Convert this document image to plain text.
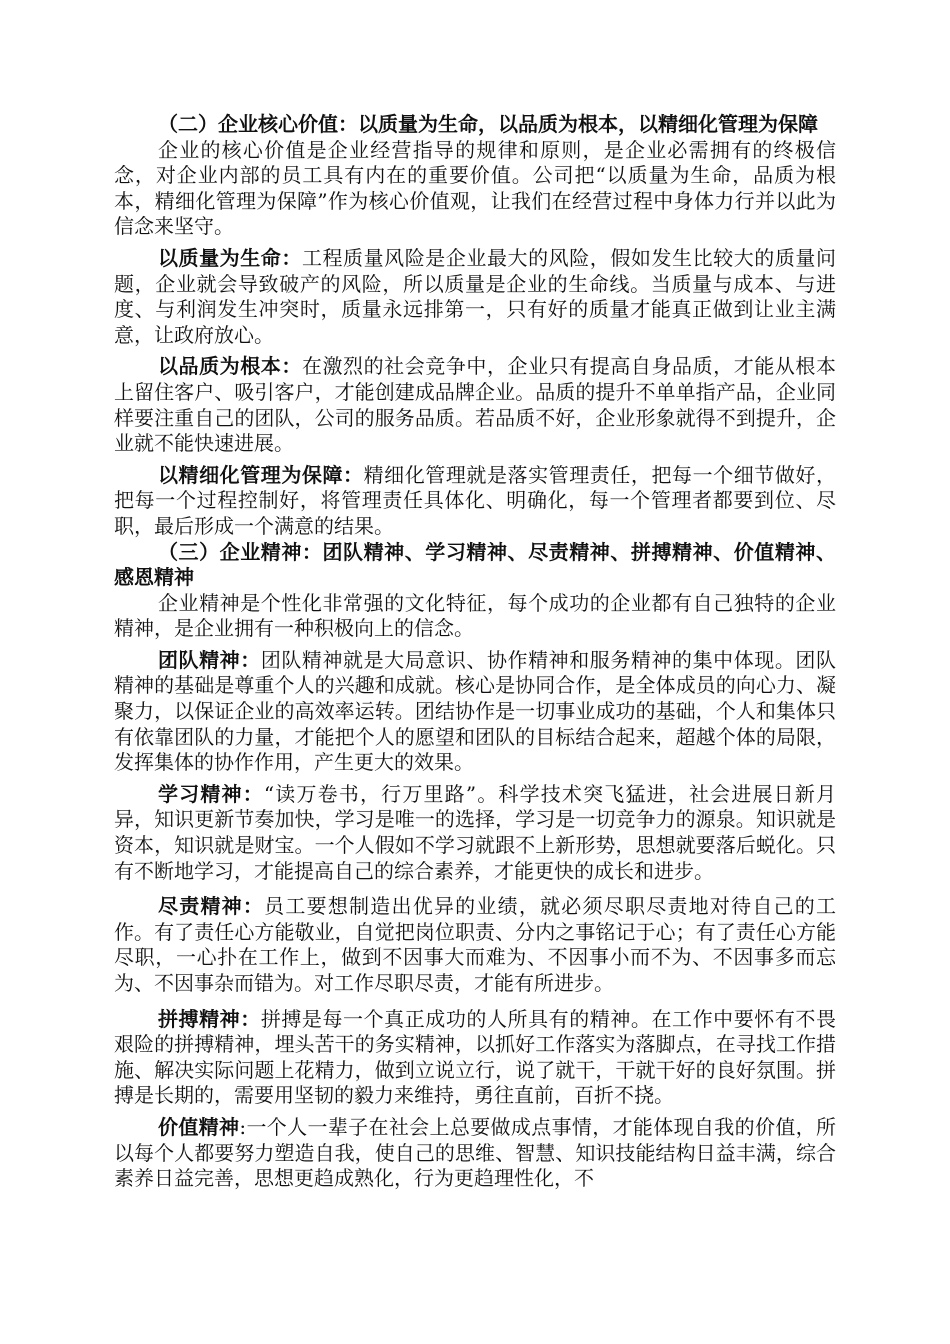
（二）企业核心价值：以质量为生命，以品质为根本，以精细化管理为保障

企业的核心价值是企业经营指导的规律和原则，是企业必需拥有的终极信念，对企业内部的员工具有内在的重要价值。公司把“以质量为生命，品质为根本，精细化管理为保障”作为核心价值观，让我们在经营过程中身体力行并以此为信念来坚守。

以质量为生命：工程质量风险是企业最大的风险，假如发生比较大的质量问题，企业就会导致破产的风险，所以质量是企业的生命线。当质量与成本、与进度、与利润发生冲突时，质量永远排第一，只有好的质量才能真正做到让业主满意，让政府放心。

以品质为根本：在激烈的社会竞争中，企业只有提高自身品质，才能从根本上留住客户、吸引客户，才能创建成品牌企业。品质的提升不单单指产品，企业同样要注重自己的团队，公司的服务品质。若品质不好，企业形象就得不到提升，企业就不能快速进展。

以精细化管理为保障：精细化管理就是落实管理责任，把每一个细节做好，把每一个过程控制好，将管理责任具体化、明确化，每一个管理者都要到位、尽职，最后形成一个满意的结果。

（三）企业精神：团队精神、学习精神、尽责精神、拼搏精神、价值精神、感恩精神

企业精神是个性化非常强的文化特征，每个成功的企业都有自己独特的企业精神，是企业拥有一种积极向上的信念。

团队精神：团队精神就是大局意识、协作精神和服务精神的集中体现。团队精神的基础是尊重个人的兴趣和成就。核心是协同合作，是全体成员的向心力、凝聚力，以保证企业的高效率运转。团结协作是一切事业成功的基础，个人和集体只有依靠团队的力量，才能把个人的愿望和团队的目标结合起来，超越个体的局限，发挥集体的协作作用，产生更大的效果。

学习精神：“读万卷书，行万里路”。科学技术突飞猛进，社会进展日新月异，知识更新节奏加快，学习是唯一的选择，学习是一切竞争力的源泉。知识就是资本，知识就是财宝。一个人假如不学习就跟不上新形势，思想就要落后蜕化。只有不断地学习，才能提高自己的综合素养，才能更快的成长和进步。

尽责精神：员工要想制造出优异的业绩，就必须尽职尽责地对待自己的工作。有了责任心方能敬业，自觉把岗位职责、分内之事铭记于心；有了责任心方能尽职，一心扑在工作上，做到不因事大而难为、不因事小而不为、不因事多而忘为、不因事杂而错为。对工作尽职尽责，才能有所进步。

拼搏精神：拼搏是每一个真正成功的人所具有的精神。在工作中要怀有不畏艰险的拼搏精神，埋头苦干的务实精神，以抓好工作落实为落脚点，在寻找工作措施、解决实际问题上花精力，做到立说立行，说了就干，干就干好的良好氛围。拼搏是长期的，需要用坚韧的毅力来维持，勇往直前，百折不挠。

价值精神:一个人一辈子在社会上总要做成点事情，才能体现自我的价值，所以每个人都要努力塑造自我，使自己的思维、智慧、知识技能结构日益丰满，综合素养日益完善，思想更趋成熟化，行为更趋理性化，不
